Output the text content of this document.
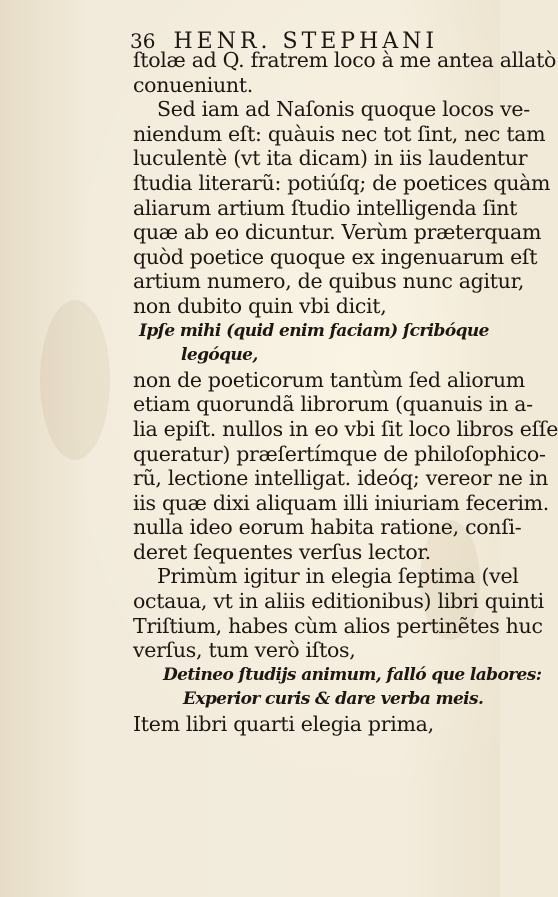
36 HENR. STEPHANI
ſtolæ ad Q. fratrem loco à me antea allatò
conueniunt.
Sed iam ad Naſonis quoque locos ve-
niendum eſt: quàuis nec tot ſint, nec tam
luculentè (vt ita dicam) in iis laudentur
ſtudia literarũ: potiúſq; de poetices quàm
aliarum artium ſtudio intelligenda ſint
quæ ab eo dicuntur. Verùm præterquam
quòd poetice quoque ex ingenuarum eſt
artium numero, de quibus nunc agitur,
non dubito quin vbi dicit,
Ipſe mihi (quid enim faciam) ſcribóque
legóque,
non de poeticorum tantùm ſed aliorum
etiam quorundã librorum (quanuis in a-
lia epiſt. nullos in eo vbi ſit loco libros eſſe
queratur) præſertímque de philoſophico-
rũ, lectione intelligat. ideóq; vereor ne in
iis quæ dixi aliquam illi iniuriam fecerim.
nulla ideo eorum habita ratione, conſi-
deret ſequentes verſus lector.
Primùm igitur in elegia ſeptima (vel
octaua, vt in aliis editionibus) libri quinti
Triſtium, habes cùm alios pertinẽtes huc
verſus, tum verò iſtos,
Detineo ſtudijs animum, falló que labores:
Experior curis & dare verba meis.
Item libri quarti elegia prima,
